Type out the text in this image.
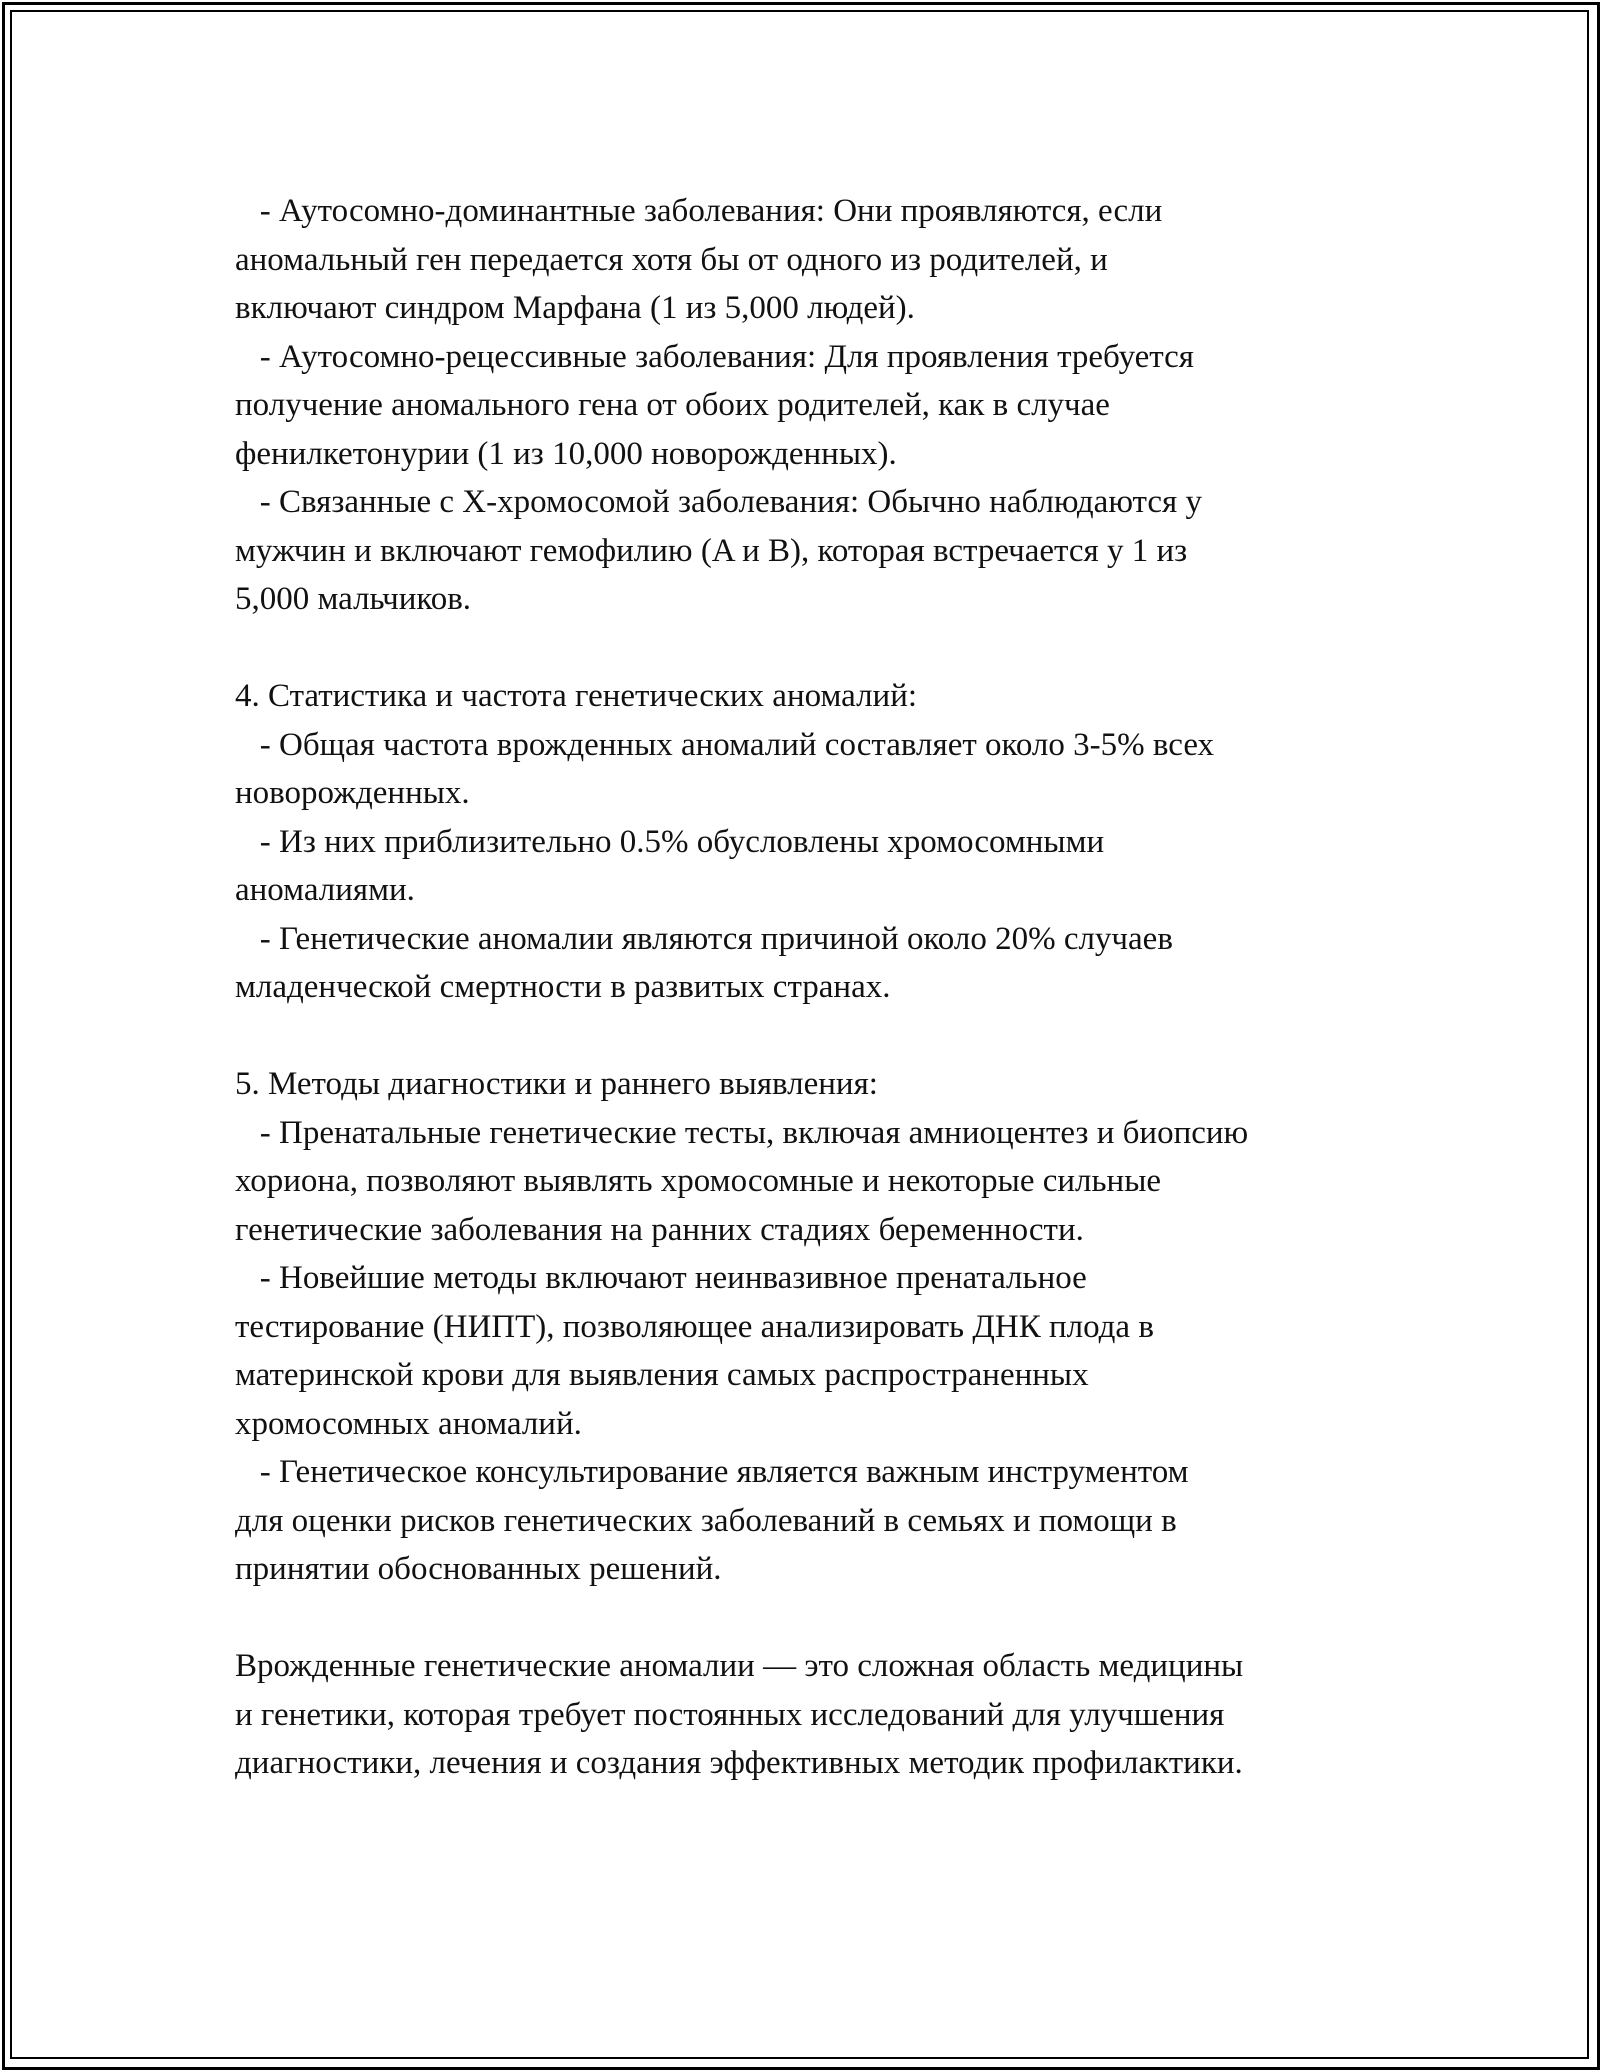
- Аутосомно-доминантные заболевания: Они проявляются, если
аномальный ген передается хотя бы от одного из родителей, и
включают синдром Марфана (1 из 5,000 людей).
- Аутосомно-рецессивные заболевания: Для проявления требуется
получение аномального гена от обоих родителей, как в случае
фенилкетонурии (1 из 10,000 новорожденных).
- Связанные с X-хромосомой заболевания: Обычно наблюдаются у
мужчин и включают гемофилию (A и B), которая встречается у 1 из
5,000 мальчиков.
4. Статистика и частота генетических аномалий:
- Общая частота врожденных аномалий составляет около 3-5% всех
новорожденных.
- Из них приблизительно 0.5% обусловлены хромосомными
аномалиями.
- Генетические аномалии являются причиной около 20% случаев
младенческой смертности в развитых странах.
5. Методы диагностики и раннего выявления:
- Пренатальные генетические тесты, включая амниоцентез и биопсию
хориона, позволяют выявлять хромосомные и некоторые сильные
генетические заболевания на ранних стадиях беременности.
- Новейшие методы включают неинвазивное пренатальное
тестирование (НИПТ), позволяющее анализировать ДНК плода в
материнской крови для выявления самых распространенных
хромосомных аномалий.
- Генетическое консультирование является важным инструментом
для оценки рисков генетических заболеваний в семьях и помощи в
принятии обоснованных решений.
Врожденные генетические аномалии — это сложная область медицины
и генетики, которая требует постоянных исследований для улучшения
диагностики, лечения и создания эффективных методик профилактики.
